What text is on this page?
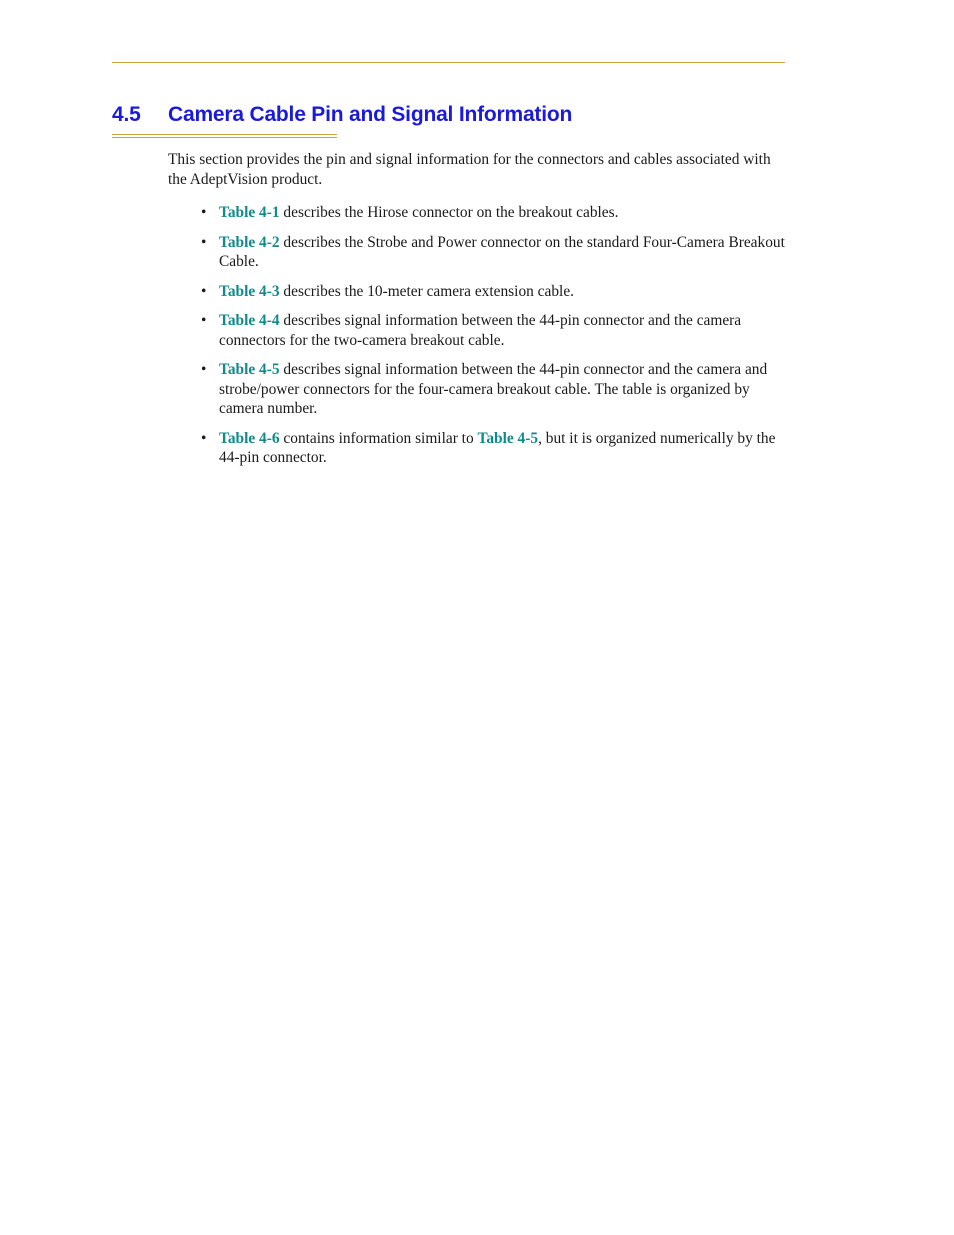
4.5 Camera Cable Pin and Signal Information

This section provides the pin and signal information for the connectors and cables associated with the AdeptVision product.

• Table 4-1 describes the Hirose connector on the breakout cables.
• Table 4-2 describes the Strobe and Power connector on the standard Four-Camera Breakout Cable.
• Table 4-3 describes the 10-meter camera extension cable.
• Table 4-4 describes signal information between the 44-pin connector and the camera connectors for the two-camera breakout cable.
• Table 4-5 describes signal information between the 44-pin connector and the camera and strobe/power connectors for the four-camera breakout cable. The table is organized by camera number.
• Table 4-6 contains information similar to Table 4-5, but it is organized numerically by the 44-pin connector.
